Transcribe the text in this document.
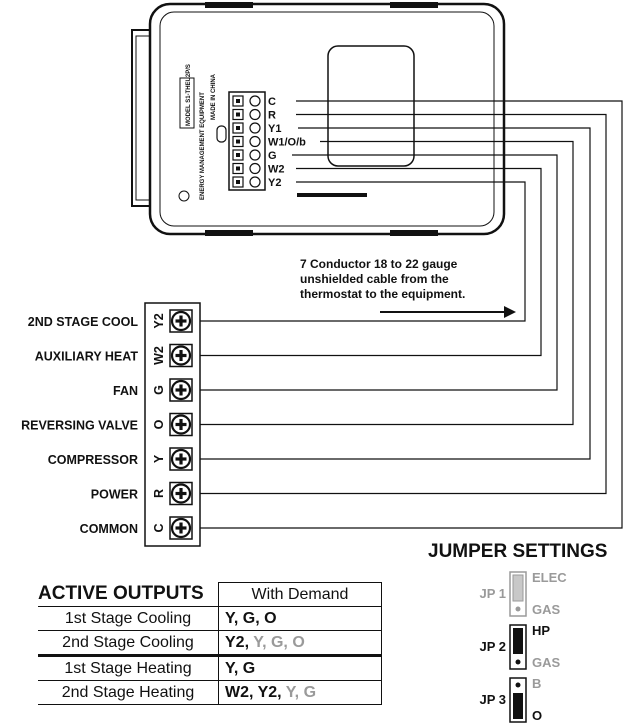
ENERGY MANAGEMENT EQUIPMENT
MODEL S1-THEU2P/S	MADE IN CHINA	C
R
Y1
W1/O/b
G
W2
Y2
7 Conductor 18 to 22 gauge
unshielded cable from the
thermostat to the equipment.
2ND STAGE COOL Y2
AUXILIARY HEAT W2
FAN G
REVERSING VALVE O
COMPRESSOR Y
POWER R
COMMON C
JP 1
ELEC
GAS
JP 2
HP
GAS
JP 3
B
O
JUMPER SETTINGS
ACTIVE OUTPUTS	With Demand
1st Stage Cooling	Y, G, O
2nd Stage Cooling	Y2, Y, G, O
1st Stage Heating	Y, G
2nd Stage Heating	W2, Y2, Y, G
